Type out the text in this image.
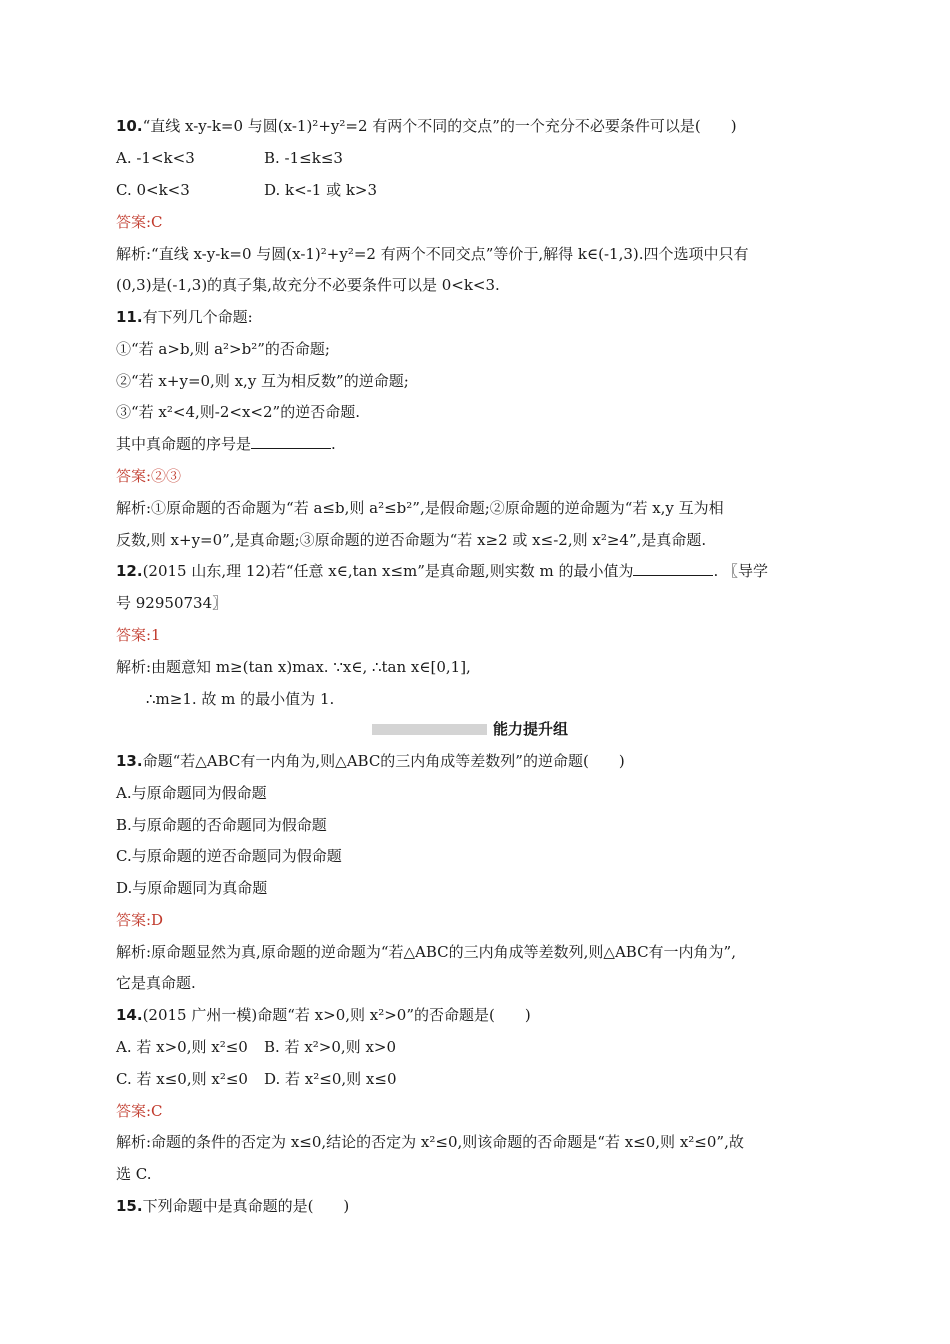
10.“直线 x-y-k=0 与圆(x-1)²+y²=2 有两个不同的交点”的一个充分不必要条件可以是(　　)
A. -1<k<3	B. -1≤k≤3
C. 0<k<3	D. k<-1 或 k>3
答案:C
解析:“直线 x-y-k=0 与圆(x-1)²+y²=2 有两个不同交点”等价于,解得 k∈(-1,3).四个选项中只有
(0,3)是(-1,3)的真子集,故充分不必要条件可以是 0<k<3.
11.有下列几个命题:
①“若 a>b,则 a²>b²”的否命题;
②“若 x+y=0,则 x,y 互为相反数”的逆命题;
③“若 x²<4,则-2<x<2”的逆否命题.
其中真命题的序号是	.
答案:②③
解析:①原命题的否命题为“若 a≤b,则 a²≤b²”,是假命题;②原命题的逆命题为“若 x,y 互为相
反数,则 x+y=0”,是真命题;③原命题的逆否命题为“若 x≥2 或 x≤-2,则 x²≥4”,是真命题.
12.(2015 山东,理 12)若“任意 x∈,tan x≤m”是真命题,则实数 m 的最小值为	. 〖导学
号 92950734〗
答案:1
解析:由题意知 m≥(tan x)max. ∵x∈, ∴tan x∈[0,1],
∴m≥1. 故 m 的最小值为 1.
能力提升组
13.命题“若△ABC有一内角为,则△ABC的三内角成等差数列”的逆命题(　　)
A.与原命题同为假命题
B.与原命题的否命题同为假命题
C.与原命题的逆否命题同为假命题
D.与原命题同为真命题
答案:D
解析:原命题显然为真,原命题的逆命题为“若△ABC的三内角成等差数列,则△ABC有一内角为”,
它是真命题.
14.(2015 广州一模)命题“若 x>0,则 x²>0”的否命题是(　　)
A. 若 x>0,则 x²≤0 B. 若 x²>0,则 x>0
C. 若 x≤0,则 x²≤0 D. 若 x²≤0,则 x≤0
答案:C
解析:命题的条件的否定为 x≤0,结论的否定为 x²≤0,则该命题的否命题是“若 x≤0,则 x²≤0”,故
选 C.
15.下列命题中是真命题的是(　　)
